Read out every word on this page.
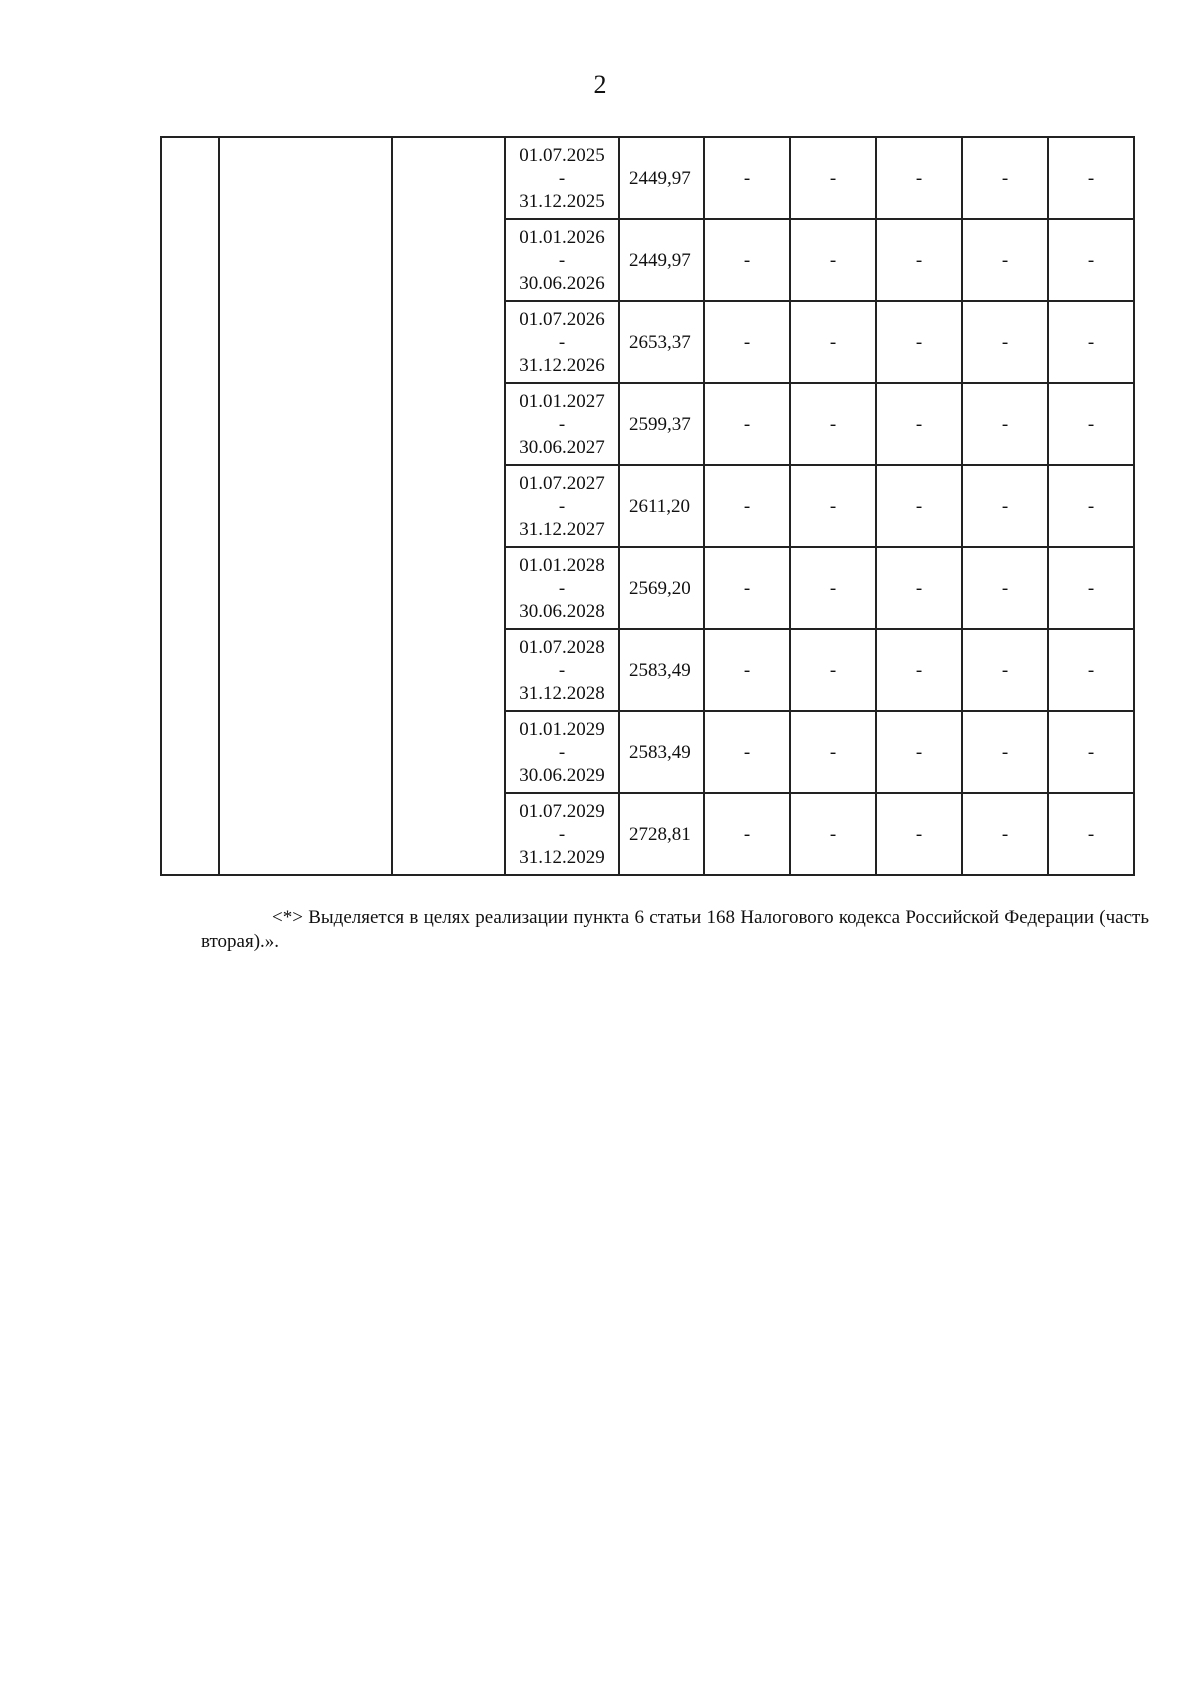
2

			01.07.2025
-
31.12.2025	2449,97	-	-	-	-	-

			01.01.2026
-
30.06.2026	2449,97	-	-	-	-	-

			01.07.2026
-
31.12.2026	2653,37	-	-	-	-	-

			01.01.2027
-
30.06.2027	2599,37	-	-	-	-	-

			01.07.2027
-
31.12.2027	2611,20	-	-	-	-	-

			01.01.2028
-
30.06.2028	2569,20	-	-	-	-	-

			01.07.2028
-
31.12.2028	2583,49	-	-	-	-	-

			01.01.2029
-
30.06.2029	2583,49	-	-	-	-	-

			01.07.2029
-
31.12.2029	2728,81	-	-	-	-	-
<*> Выделяется в целях реализации пункта 6 статьи 168 Налогового кодекса Российской Федерации (часть вторая).».
